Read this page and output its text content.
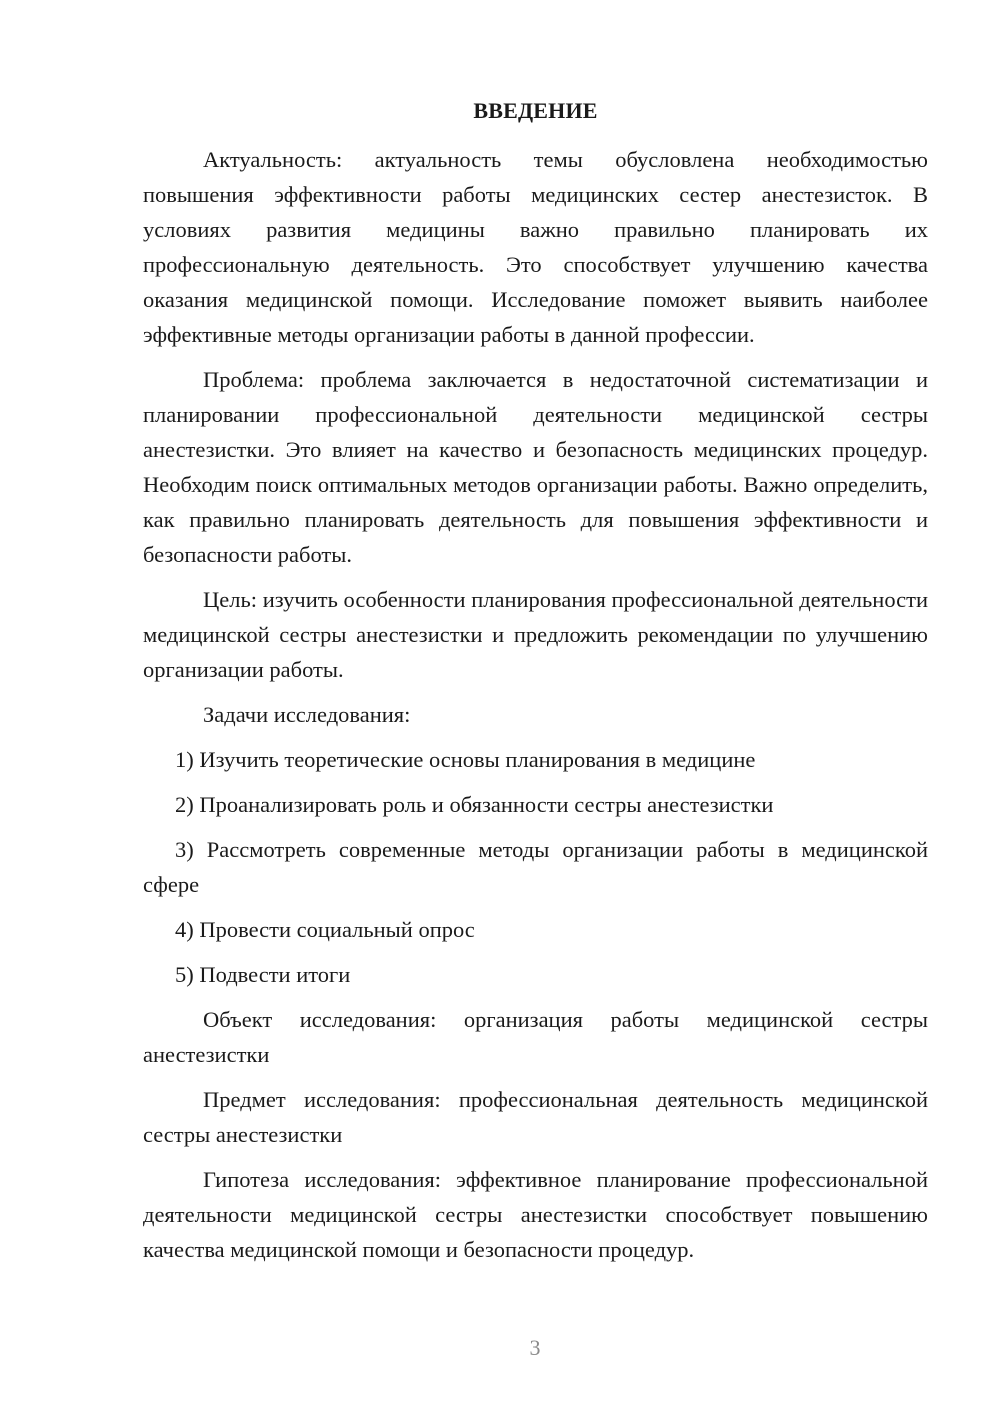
ВВЕДЕНИЕ

Актуальность: актуальность темы обусловлена необходимостью повышения эффективности работы медицинских сестер анестезисток. В условиях развития медицины важно правильно планировать их профессиональную деятельность. Это способствует улучшению качества оказания медицинской помощи. Исследование поможет выявить наиболее эффективные методы организации работы в данной профессии.

Проблема: проблема заключается в недостаточной систематизации и планировании профессиональной деятельности медицинской сестры анестезистки. Это влияет на качество и безопасность медицинских процедур. Необходим поиск оптимальных методов организации работы. Важно определить, как правильно планировать деятельность для повышения эффективности и безопасности работы.

Цель: изучить особенности планирования профессиональной деятельности медицинской сестры анестезистки и предложить рекомендации по улучшению организации работы.

Задачи исследования:

1) Изучить теоретические основы планирования в медицине

2) Проанализировать роль и обязанности сестры анестезистки

3) Рассмотреть современные методы организации работы в медицинской сфере

4) Провести социальный опрос

5) Подвести итоги

Объект исследования: организация работы медицинской сестры анестезистки

Предмет исследования: профессиональная деятельность медицинской сестры анестезистки

Гипотеза исследования: эффективное планирование профессиональной деятельности медицинской сестры анестезистки способствует повышению качества медицинской помощи и безопасности процедур.

3
